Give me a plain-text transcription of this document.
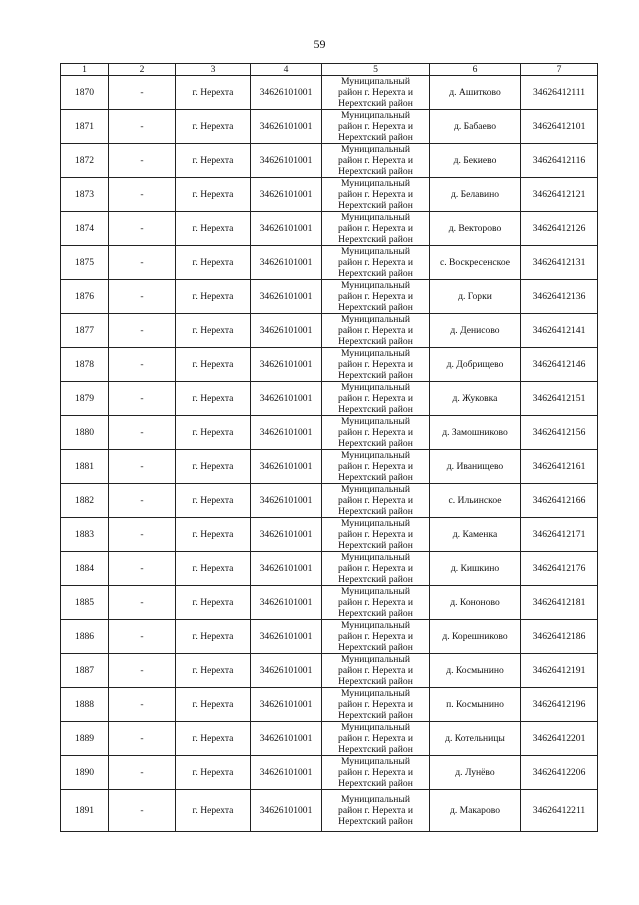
59
1	2	3	4	5	6	7
1870	-	г. Нерехта	34626101001	Муниципальный
район г. Нерехта и
Нерехтский район	д. Ашитково	34626412111
1871	-	г. Нерехта	34626101001	Муниципальный
район г. Нерехта и
Нерехтский район	д. Бабаево	34626412101
1872	-	г. Нерехта	34626101001	Муниципальный
район г. Нерехта и
Нерехтский район	д. Бекиево	34626412116
1873	-	г. Нерехта	34626101001	Муниципальный
район г. Нерехта и
Нерехтский район	д. Белавино	34626412121
1874	-	г. Нерехта	34626101001	Муниципальный
район г. Нерехта и
Нерехтский район	д. Векторово	34626412126
1875	-	г. Нерехта	34626101001	Муниципальный
район г. Нерехта и
Нерехтский район	с. Воскресенское	34626412131
1876	-	г. Нерехта	34626101001	Муниципальный
район г. Нерехта и
Нерехтский район	д. Горки	34626412136
1877	-	г. Нерехта	34626101001	Муниципальный
район г. Нерехта и
Нерехтский район	д. Денисово	34626412141
1878	-	г. Нерехта	34626101001	Муниципальный
район г. Нерехта и
Нерехтский район	д. Добрищево	34626412146
1879	-	г. Нерехта	34626101001	Муниципальный
район г. Нерехта и
Нерехтский район	д. Жуковка	34626412151
1880	-	г. Нерехта	34626101001	Муниципальный
район г. Нерехта и
Нерехтский район	д. Замошниково	34626412156
1881	-	г. Нерехта	34626101001	Муниципальный
район г. Нерехта и
Нерехтский район	д. Иванищево	34626412161
1882	-	г. Нерехта	34626101001	Муниципальный
район г. Нерехта и
Нерехтский район	с. Ильинское	34626412166
1883	-	г. Нерехта	34626101001	Муниципальный
район г. Нерехта и
Нерехтский район	д. Каменка	34626412171
1884	-	г. Нерехта	34626101001	Муниципальный
район г. Нерехта и
Нерехтский район	д. Кишкино	34626412176
1885	-	г. Нерехта	34626101001	Муниципальный
район г. Нерехта и
Нерехтский район	д. Кононово	34626412181
1886	-	г. Нерехта	34626101001	Муниципальный
район г. Нерехта и
Нерехтский район	д. Корешниково	34626412186
1887	-	г. Нерехта	34626101001	Муниципальный
район г. Нерехта и
Нерехтский район	д. Космынино	34626412191
1888	-	г. Нерехта	34626101001	Муниципальный
район г. Нерехта и
Нерехтский район	п. Космынино	34626412196
1889	-	г. Нерехта	34626101001	Муниципальный
район г. Нерехта и
Нерехтский район	д. Котельницы	34626412201
1890	-	г. Нерехта	34626101001	Муниципальный
район г. Нерехта и
Нерехтский район	д. Лунёво	34626412206
1891	-	г. Нерехта	34626101001	Муниципальный
район г. Нерехта и
Нерехтский район	д. Макарово	34626412211
